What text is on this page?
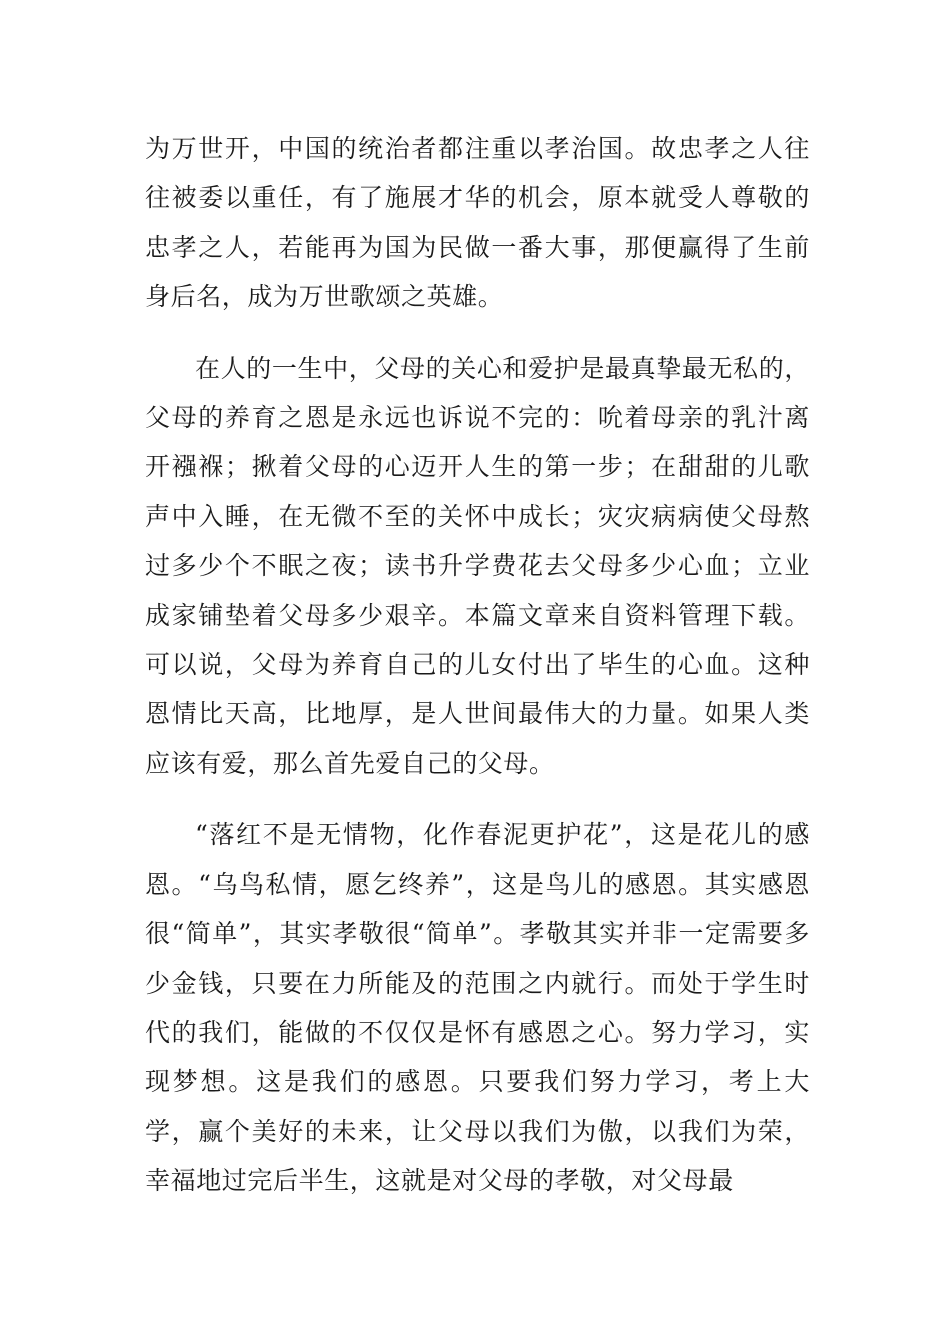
为万世开，中国的统治者都注重以孝治国。故忠孝之人往往被委以重任，有了施展才华的机会，原本就受人尊敬的忠孝之人，若能再为国为民做一番大事，那便赢得了生前身后名，成为万世歌颂之英雄。

在人的一生中，父母的关心和爱护是最真挚最无私的，父母的养育之恩是永远也诉说不完的：吮着母亲的乳汁离开襁褓；揪着父母的心迈开人生的第一步；在甜甜的儿歌声中入睡，在无微不至的关怀中成长；灾灾病病使父母熬过多少个不眠之夜；读书升学费花去父母多少心血；立业成家铺垫着父母多少艰辛。本篇文章来自资料管理下载。可以说，父母为养育自己的儿女付出了毕生的心血。这种恩情比天高，比地厚，是人世间最伟大的力量。如果人类应该有爱，那么首先爱自己的父母。

“落红不是无情物，化作春泥更护花”，这是花儿的感恩。“乌鸟私情，愿乞终养”，这是鸟儿的感恩。其实感恩很“简单”，其实孝敬很“简单”。孝敬其实并非一定需要多少金钱，只要在力所能及的范围之内就行。而处于学生时代的我们，能做的不仅仅是怀有感恩之心。努力学习，实现梦想。这是我们的感恩。只要我们努力学习，考上大学，赢个美好的未来，让父母以我们为傲，以我们为荣，幸福地过完后半生，这就是对父母的孝敬，对父母最
